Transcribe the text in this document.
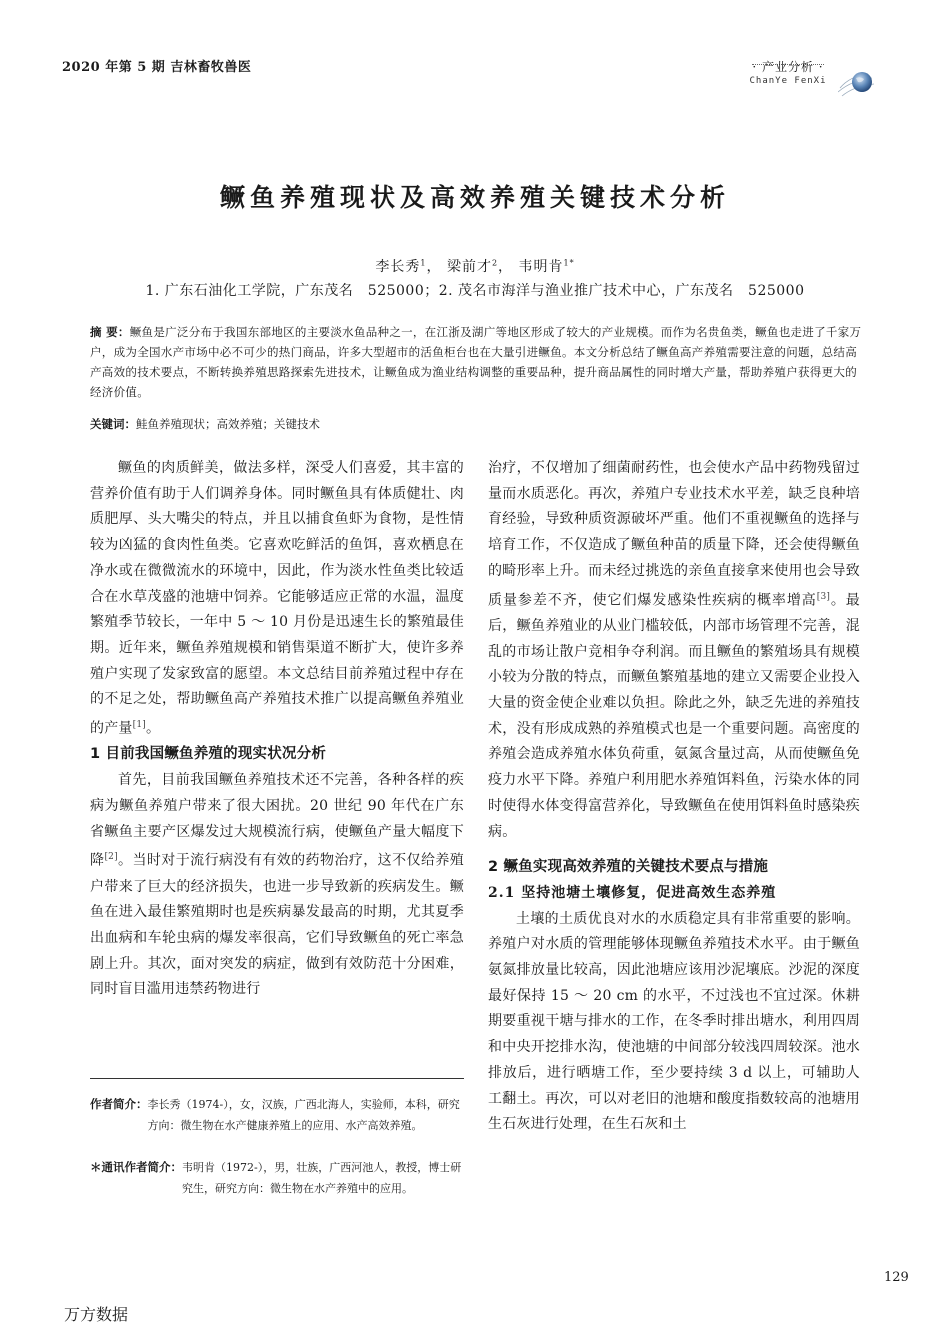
2020 年第 5 期 吉林畜牧兽医	· 产业分析 ·
ChanYe FenXi
鳜鱼养殖现状及高效养殖关键技术分析
李长秀$^1$， 梁前才$^2$， 韦明肯$^{1*}$
1. 广东石油化工学院，广东茂名　525000；2. 茂名市海洋与渔业推广技术中心，广东茂名　525000
摘 要：鳜鱼是广泛分布于我国东部地区的主要淡水鱼品种之一，在江浙及湖广等地区形成了较大的产业规模。而作为名贵鱼类，鳜鱼也走进了千家万户，成为全国水产市场中必不可少的热门商品，许多大型超市的活鱼柜台也在大量引进鳜鱼。本文分析总结了鳜鱼高产养殖需要注意的问题，总结高产高效的技术要点，不断转换养殖思路探索先进技术，让鳜鱼成为渔业结构调整的重要品种，提升商品属性的同时增大产量，帮助养殖户获得更大的经济价值。
关键词：鲑鱼养殖现状；高效养殖；关键技术

鳜鱼的肉质鲜美，做法多样，深受人们喜爱，其丰富的营养价值有助于人们调养身体。同时鳜鱼具有体质健壮、肉质肥厚、头大嘴尖的特点，并且以捕食鱼虾为食物，是性情较为凶猛的食肉性鱼类。它喜欢吃鲜活的鱼饵，喜欢栖息在净水或在微微流水的环境中，因此，作为淡水性鱼类比较适合在水草茂盛的池塘中饲养。它能够适应正常的水温，温度繁殖季节较长，一年中 5 ～ 10 月份是迅速生长的繁殖最佳期。近年来，鳜鱼养殖规模和销售渠道不断扩大，使许多养殖户实现了发家致富的愿望。本文总结目前养殖过程中存在的不足之处，帮助鳜鱼高产养殖技术推广以提高鳜鱼养殖业的产量[1]。

1 目前我国鳜鱼养殖的现实状况分析

首先，目前我国鳜鱼养殖技术还不完善，各种各样的疾病为鳜鱼养殖户带来了很大困扰。20 世纪 90 年代在广东省鳜鱼主要产区爆发过大规模流行病，使鳜鱼产量大幅度下降[2]。当时对于流行病没有有效的药物治疗，这不仅给养殖户带来了巨大的经济损失，也进一步导致新的疾病发生。鳜鱼在进入最佳繁殖期时也是疾病暴发最高的时期，尤其夏季出血病和车轮虫病的爆发率很高，它们导致鳜鱼的死亡率急剧上升。其次，面对突发的病症，做到有效防范十分困难，同时盲目滥用违禁药物进行

作者简介： 李长秀（1974-），女，汉族，广西北海人，实验师，本科，研究方向：微生物在水产健康养殖上的应用、水产高效养殖。
＊通讯作者简介： 韦明肯（1972-），男，壮族，广西河池人，教授，博士研究生，研究方向：微生物在水产养殖中的应用。

治疗，不仅增加了细菌耐药性，也会使水产品中药物残留过量而水质恶化。再次，养殖户专业技术水平差，缺乏良种培育经验，导致种质资源破坏严重。他们不重视鳜鱼的选择与培育工作，不仅造成了鳜鱼种苗的质量下降，还会使得鳜鱼的畸形率上升。而未经过挑选的亲鱼直接拿来使用也会导致质量参差不齐，使它们爆发感染性疾病的概率增高[3]。最后，鳜鱼养殖业的从业门槛较低，内部市场管理不完善，混乱的市场让散户竞相争夺利润。而且鳜鱼的繁殖场具有规模小较为分散的特点，而鳜鱼繁殖基地的建立又需要企业投入大量的资金使企业难以负担。除此之外，缺乏先进的养殖技术，没有形成成熟的养殖模式也是一个重要问题。高密度的养殖会造成养殖水体负荷重，氨氮含量过高，从而使鳜鱼免疫力水平下降。养殖户利用肥水养殖饵料鱼，污染水体的同时使得水体变得富营养化，导致鳜鱼在使用饵料鱼时感染疾病。

2 鳜鱼实现高效养殖的关键技术要点与措施

2.1 坚持池塘土壤修复，促进高效生态养殖

土壤的土质优良对水的水质稳定具有非常重要的影响。养殖户对水质的管理能够体现鳜鱼养殖技术水平。由于鳜鱼氨氮排放量比较高，因此池塘应该用沙泥壤底。沙泥的深度最好保持 15 ～ 20 cm 的水平，不过浅也不宜过深。休耕期要重视干塘与排水的工作，在冬季时排出塘水，利用四周和中央开挖排水沟，使池塘的中间部分较浅四周较深。池水排放后，进行晒塘工作，至少要持续 3 d 以上，可辅助人工翻土。再次，可以对老旧的池塘和酸度指数较高的池塘用生石灰进行处理，在生石灰和土

129
万方数据
